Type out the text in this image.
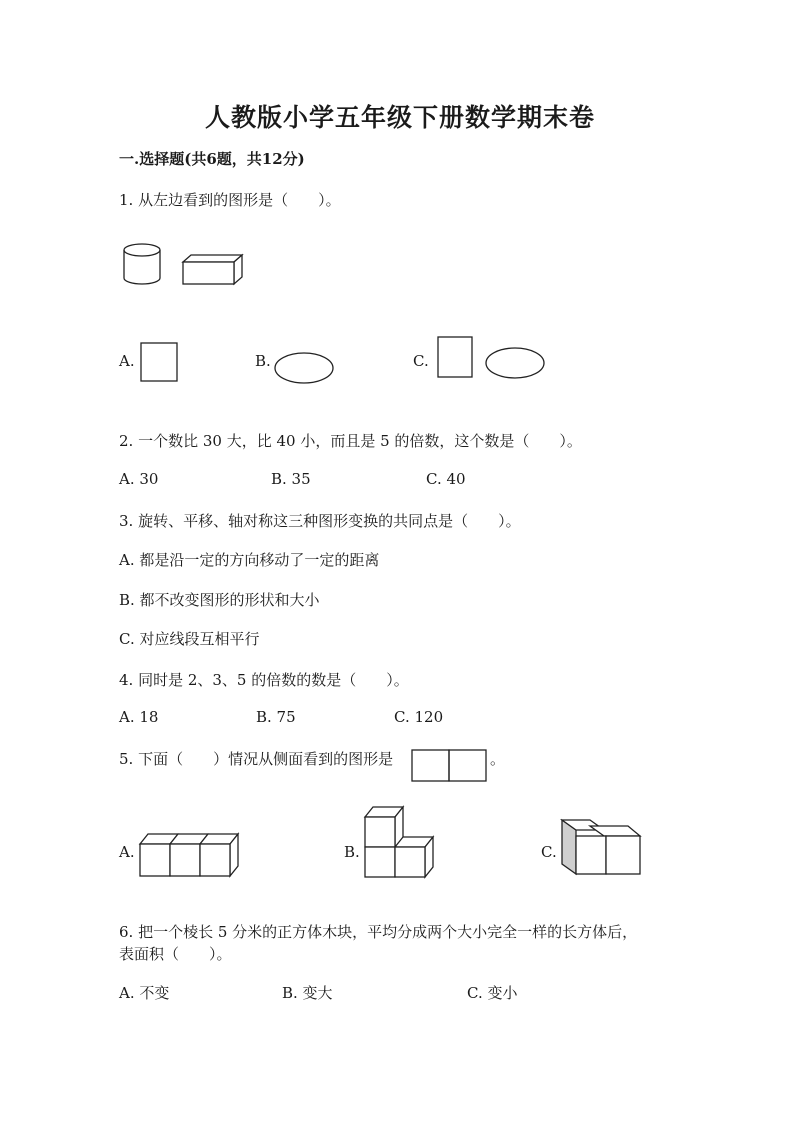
人教版小学五年级下册数学期末卷
一.选择题(共6题，共12分)
1. 从左边看到的图形是（　　）。
A.	B.	C.
2. 一个数比 30 大，比 40 小，而且是 5 的倍数，这个数是（　　）。
A. 30	B. 35	C. 40
3. 旋转、平移、轴对称这三种图形变换的共同点是（　　）。
A. 都是沿一定的方向移动了一定的距离
B. 都不改变图形的形状和大小
C. 对应线段互相平行
4. 同时是 2、3、5 的倍数的数是（　　）。
A. 18	B. 75	C. 120
5. 下面（　　）情况从侧面看到的图形是	。
A.	B.	C.
6. 把一个棱长 5 分米的正方体木块，平均分成两个大小完全一样的长方体后，
表面积（　　）。
A. 不变	B. 变大	C. 变小
